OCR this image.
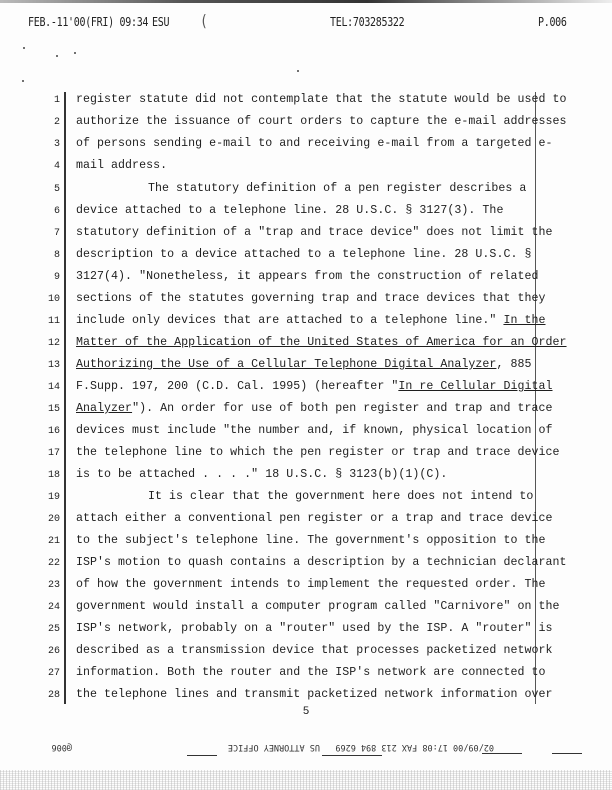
FEB.-11'00(FRI) 09:34 ESU (	TEL:703285322	P.006
1 register statute did not contemplate that the statute would be used to
2 authorize the issuance of court orders to capture the e-mail addresses
3 of persons sending e-mail to and receiving e-mail from a targeted e-
4 mail address.
5	The statutory definition of a pen register describes a
6 device attached to a telephone line. 28 U.S.C. § 3127(3). The
7 statutory definition of a "trap and trace device" does not limit the
8 description to a device attached to a telephone line. 28 U.S.C. §
9 3127(4). "Nonetheless, it appears from the construction of related
10 sections of the statutes governing trap and trace devices that they
11 include only devices that are attached to a telephone line." In the
12 Matter of the Application of the United States of America for an Order
13 Authorizing the Use of a Cellular Telephone Digital Analyzer, 885
14 F.Supp. 197, 200 (C.D. Cal. 1995) (hereafter "In re Cellular Digital
15 Analyzer"). An order for use of both pen register and trap and trace
16 devices must include "the number and, if known, physical location of
17 the telephone line to which the pen register or trap and trace device
18 is to be attached . . . ." 18 U.S.C. § 3123(b)(1)(C).
19	It is clear that the government here does not intend to
20 attach either a conventional pen register or a trap and trace device
21 to the subject's telephone line. The government's opposition to the
22 ISP's motion to quash contains a description by a technician declarant
23 of how the government intends to implement the requested order. The
24 government would install a computer program called "Carnivore" on the
25 ISP's network, probably on a "router" used by the ISP. A "router" is
26 described as a transmission device that processes packetized network
27 information. Both the router and the ISP's network are connected to
28 the telephone lines and transmit packetized network information over
5
02/09/00 17:08 FAX 213 894 6269
US ATTORNEY OFFICE
@006
